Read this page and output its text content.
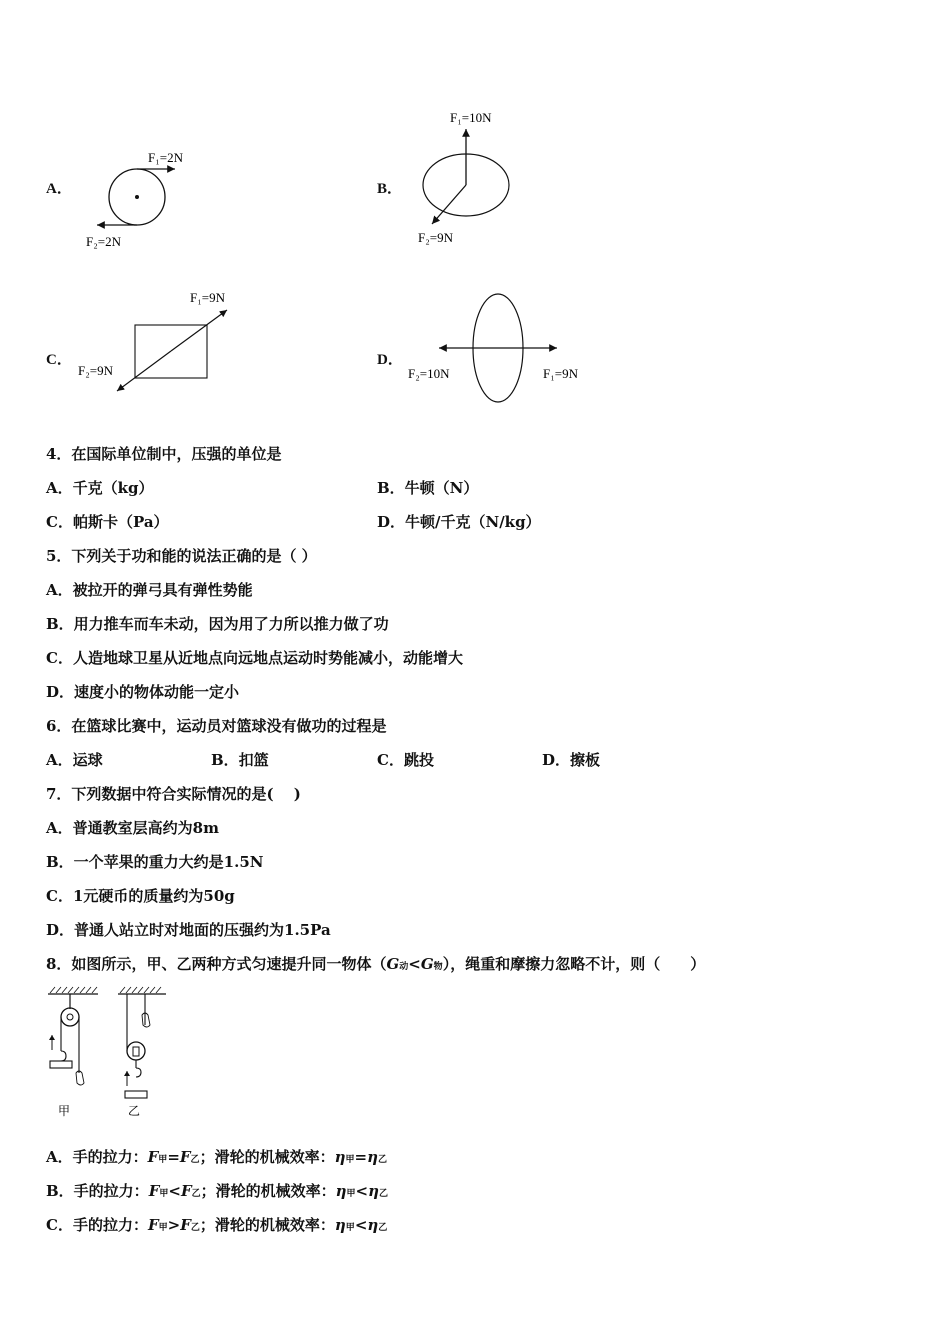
A．
F₁=2N
F₂=2N
B．
F₁=10N
F₂=9N
C．
F₁=9N
F₂=9N
D．
F₁=9N
F₂=10N
4．在国际单位制中，压强的单位是
A．千克（kg）	B．牛顿（N）
C．帕斯卡（Pa）	D．牛顿/千克（N/kg）
5．下列关于功和能的说法正确的是（ ）
A．被拉开的弹弓具有弹性势能
B．用力推车而车未动，因为用了力所以推力做了功
C．人造地球卫星从近地点向远地点运动时势能减小，动能增大
D．速度小的物体动能一定小
6．在篮球比赛中，运动员对篮球没有做功的过程是
A．运球	B．扣篮	C．跳投	D．擦板
7．下列数据中符合实际情况的是(　 )
A．普通教室层高约为8m
B．一个苹果的重力大约是1.5N
C．1元硬币的质量约为50g
D．普通人站立时对地面的压强约为1.5Pa
8．如图所示，甲、乙两种方式匀速提升同一物体（G动<G物），绳重和摩擦力忽略不计，则（　　）
甲	乙
A．手的拉力：F甲=F乙；滑轮的机械效率：η甲=η乙
B．手的拉力：F甲<F乙；滑轮的机械效率：η甲<η乙
C．手的拉力：F甲>F乙；滑轮的机械效率：η甲<η乙
